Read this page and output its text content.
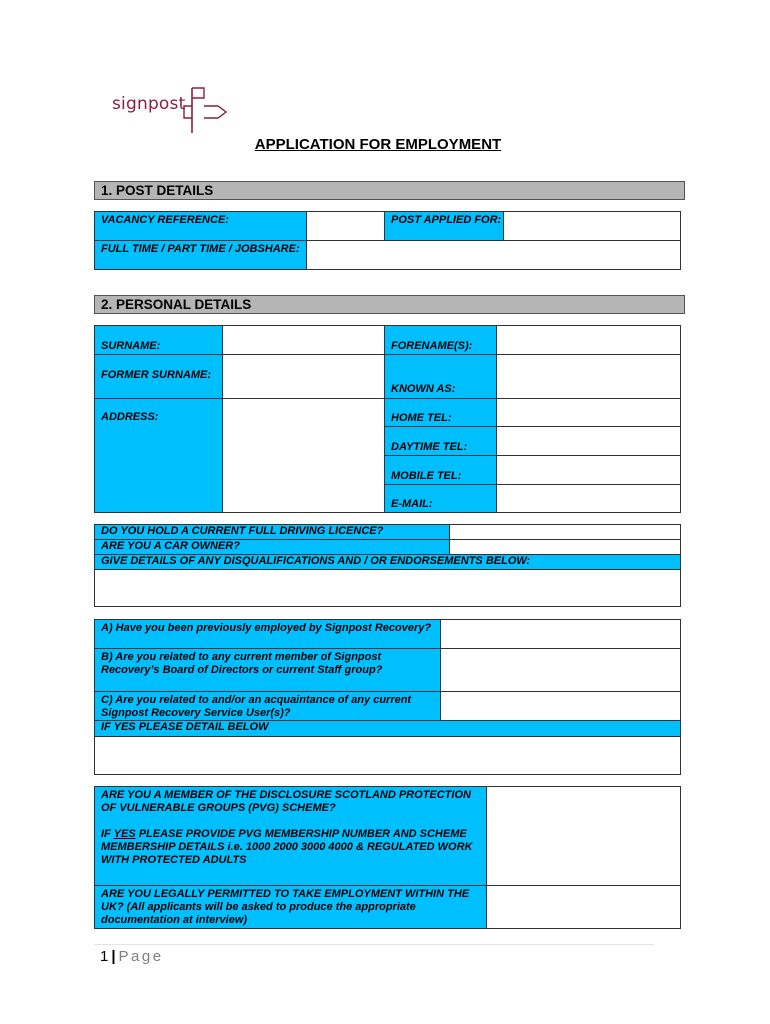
signpost
APPLICATION FOR EMPLOYMENT
1. POST DETAILS
VACANCY REFERENCE:		POST APPLIED FOR:	
FULL TIME / PART TIME / JOBSHARE:			
2. PERSONAL DETAILS
SURNAME:		FORENAME(S):	
FORMER SURNAME:		KNOWN AS:	
ADDRESS:		HOME TEL:	
		DAYTIME TEL:	
		MOBILE TEL:	
		E-MAIL:	
DO YOU HOLD A CURRENT FULL DRIVING LICENCE?	
ARE YOU A CAR OWNER?	
GIVE DETAILS OF ANY DISQUALIFICATIONS AND / OR ENDORSEMENTS BELOW:	

A) Have you been previously employed by Signpost Recovery?	
B) Are you related to any current member of Signpost Recovery’s Board of Directors or current Staff group?	
C) Are you related to and/or an acquaintance of any current Signpost Recovery Service User(s)?	
IF YES PLEASE DETAIL BELOW	

ARE YOU A MEMBER OF THE DISCLOSURE SCOTLAND PROTECTION OF VULNERABLE GROUPS (PVG) SCHEME?
IF YES PLEASE PROVIDE PVG MEMBERSHIP NUMBER AND SCHEME MEMBERSHIP DETAILS i.e. 1000 2000 3000 4000 & REGULATED WORK WITH PROTECTED ADULTS	

ARE YOU LEGALLY PERMITTED TO TAKE EMPLOYMENT WITHIN THE UK? (All applicants will be asked to produce the appropriate documentation at interview)	
1 | Page
